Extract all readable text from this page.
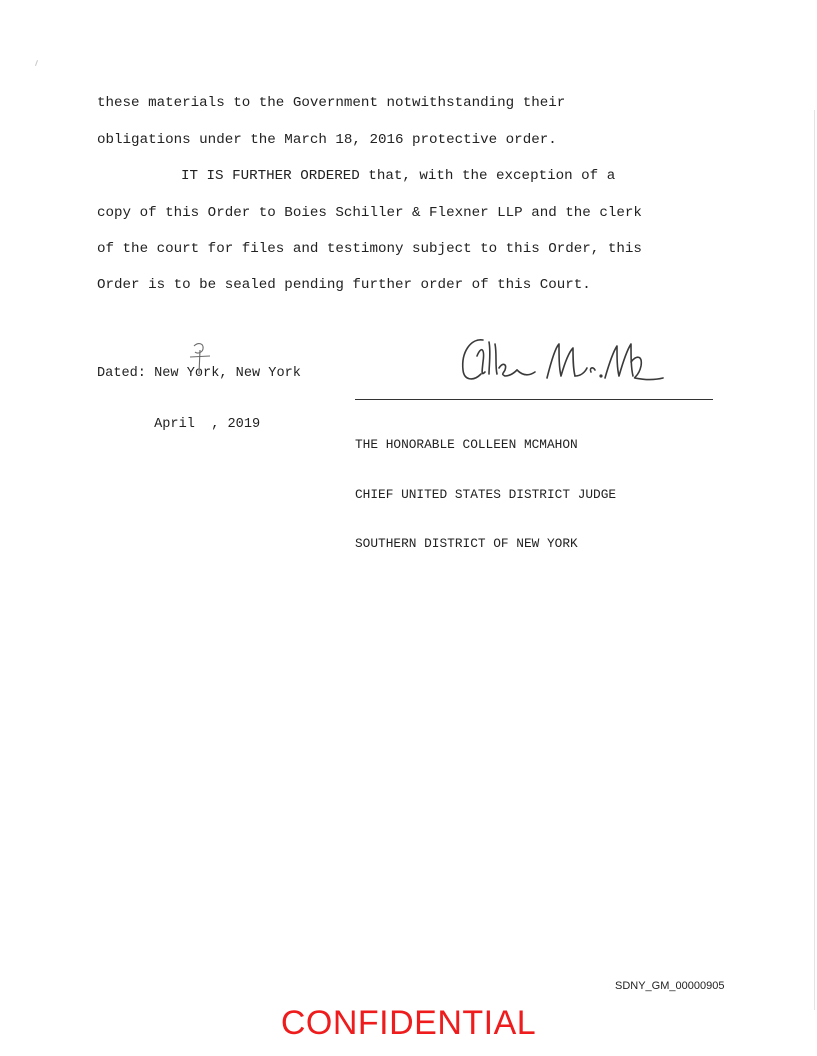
these materials to the Government notwithstanding their
obligations under the March 18, 2016 protective order.
IT IS FURTHER ORDERED that, with the exception of a
copy of this Order to Boies Schiller & Flexner LLP and the clerk
of the court for files and testimony subject to this Order, this
Order is to be sealed pending further order of this Court.

Dated: New York, New York

April  , 2019

THE HONORABLE COLLEEN MCMAHON

CHIEF UNITED STATES DISTRICT JUDGE

SOUTHERN DISTRICT OF NEW YORK

SDNY_GM_00000905
CONFIDENTIAL
